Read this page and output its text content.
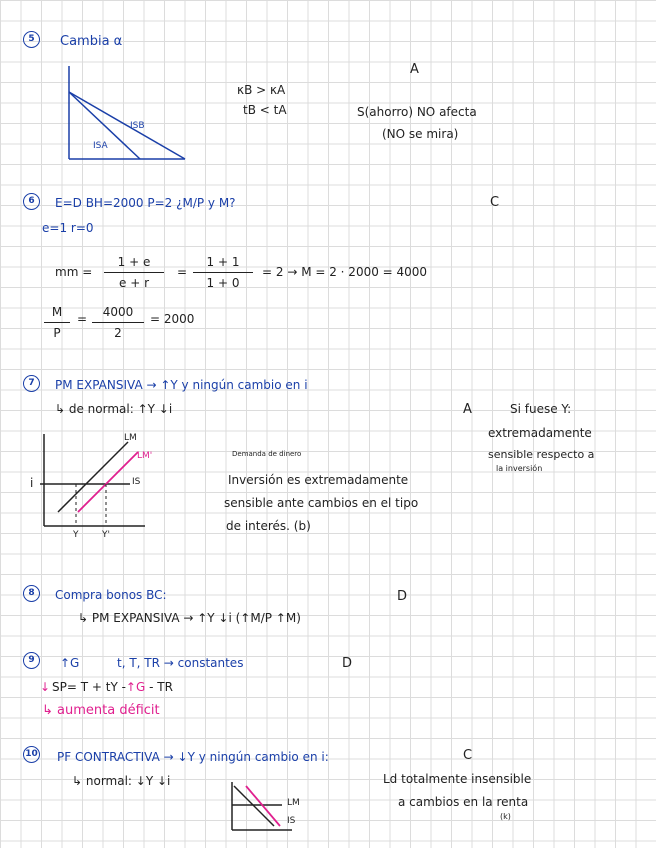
5	Cambia α
A
ISB
ISA
κB > κA
tB < tA	S(ahorro) NO afecta
(NO se mira)
6	E=D BH=2000 P=2 ¿M/P y M?	C
e=1 r=0
mm = $\frac{1 + e}{e + r} = \frac{1 + 1}{1 + 0} = 2 \to M = 2 \cdot 2000 = 4000$
$\frac{M}{P} = \frac{4000}{2} = 2000$
7	PM EXPANSIVA → ↑Y y ningún cambio en i
↳ de normal: ↑Y ↓i	A	Si fuese Y:
extremadamente
sensible respecto a
la inversión
i
LM
LM'
IS
Y	Y'
Demanda de dinero
Inversión es extremadamente
sensible ante cambios en el tipo
de interés. (b)
8	Compra bonos BC:	D
↳ PM EXPANSIVA → ↑Y ↓i (↑M/P ↑M)
9	↑G	t, T, TR → constantes	D
↓ SP= T + tY -↑G - TR
↳ aumenta déficit
10 PF CONTRACTIVA → ↓Y y ningún cambio en i:	C
↳ normal: ↓Y ↓i
LM
IS
Ld totalmente insensible
a cambios en la renta
(k)
